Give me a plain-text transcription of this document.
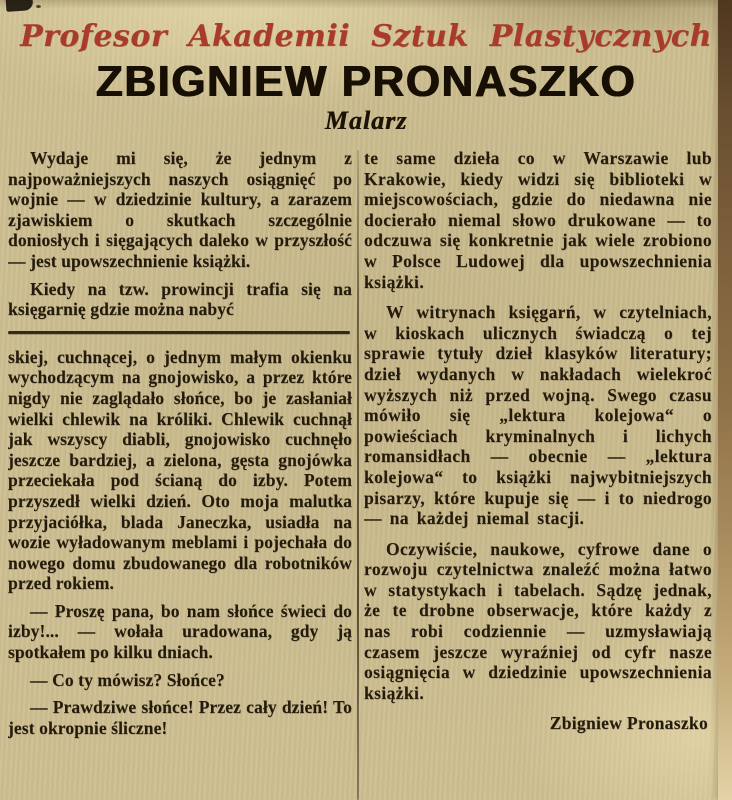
Profesor Akademii Sztuk Plastycznych
ZBIGNIEW PRONASZKO
Malarz

Wydaje mi się, że jednym z najpoważniejszych naszych osiągnięć po wojnie — w dziedzinie kultury, a zarazem zjawiskiem o skutkach szczególnie doniosłych i sięgających daleko w przyszłość — jest upowszechnienie książki.

Kiedy na tzw. prowincji trafia się na księgarnię gdzie można nabyć

skiej, cuchnącej, o jednym małym okienku wychodzącym na gnojowisko, a przez które nigdy nie zaglądało słońce, bo je zasłaniał wielki chlewik na króliki. Chlewik cuchnął jak wszyscy diabli, gnojowisko cuchnęło jeszcze bardziej, a zielona, gęsta gnojówka przeciekała pod ścianą do izby. Potem przyszedł wielki dzień. Oto moja malutka przyjaciółka, blada Janeczka, usiadła na wozie wyładowanym meblami i pojechała do nowego domu zbudowanego dla robotników przed rokiem.

— Proszę pana, bo nam słońce świeci do izby!... — wołała uradowana, gdy ją spotkałem po kilku dniach.

— Co ty mówisz? Słońce?

— Prawdziwe słońce! Przez cały dzień! To jest okropnie śliczne!

te same dzieła co w Warszawie lub Krakowie, kiedy widzi się biblioteki w miejscowościach, gdzie do niedawna nie docierało niemal słowo drukowane — to odczuwa się konkretnie jak wiele zrobiono w Polsce Ludowej dla upowszechnienia książki.

W witrynach księgarń, w czytelniach, w kioskach ulicznych świadczą o tej sprawie tytuły dzieł klasyków literatury; dzieł wydanych w nakładach wielekroć wyższych niż przed wojną. Swego czasu mówiło się „lektura kolejowa“ o powieściach kryminalnych i lichych romansidłach — obecnie — „lektura kolejowa“ to książki najwybitniejszych pisarzy, które kupuje się — i to niedrogo — na każdej niemal stacji.

Oczywiście, naukowe, cyfrowe dane o rozwoju czytelnictwa znaleźć można łatwo w statystykach i tabelach. Sądzę jednak, że te drobne obserwacje, które każdy z nas robi codziennie — uzmysławiają czasem jeszcze wyraźniej od cyfr nasze osiągnięcia w dziedzinie upowszechnienia książki.

Zbigniew Pronaszko
